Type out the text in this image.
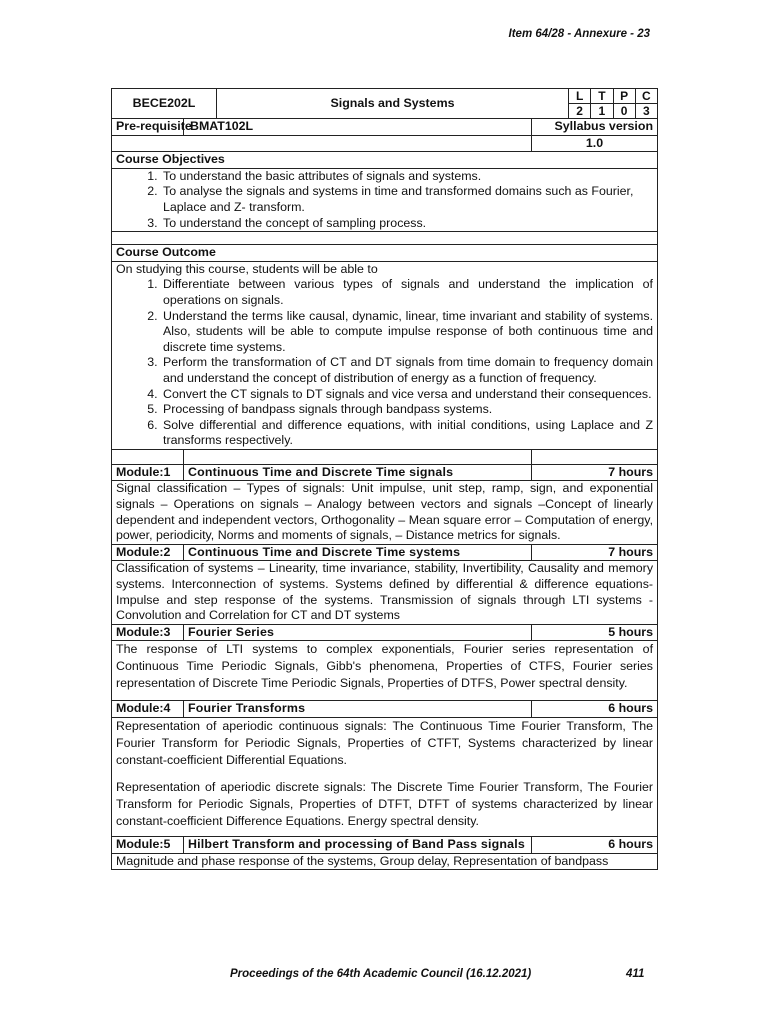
Item 64/28 - Annexure - 23
BECE202L		Signals and Systems		L	T	P	C
2	1	0	3

Pre-requisite	BMAT102L	Syllabus version
	1.0
Course Objectives

1. To understand the basic attributes of signals and systems.
2. To analyse the signals and systems in time and transformed domains such as Fourier, Laplace and Z- transform.
3. To understand the concept of sampling process.

Course Outcome

On studying this course, students will be able to
1. Differentiate between various types of signals and understand the implication of operations on signals.
2. Understand the terms like causal, dynamic, linear, time invariant and stability of systems. Also, students will be able to compute impulse response of both continuous time and discrete time systems.
3. Perform the transformation of CT and DT signals from time domain to frequency domain and understand the concept of distribution of energy as a function of frequency.
4. Convert the CT signals to DT signals and vice versa and understand their consequences.
5. Processing of bandpass signals through bandpass systems.
6. Solve differential and difference equations, with initial conditions, using Laplace and Z transforms respectively.

Module:1	Continuous Time and Discrete Time signals	7 hours
Signal classification – Types of signals: Unit impulse, unit step, ramp, sign, and exponential signals – Operations on signals – Analogy between vectors and signals –Concept of linearly dependent and independent vectors, Orthogonality – Mean square error – Computation of energy, power, periodicity, Norms and moments of signals, – Distance metrics for signals.
Module:2	Continuous Time and Discrete Time systems	7 hours
Classification of systems – Linearity, time invariance, stability, Invertibility, Causality and memory systems. Interconnection of systems. Systems defined by differential & difference equations- Impulse and step response of the systems. Transmission of signals through LTI systems - Convolution and Correlation for CT and DT systems
Module:3	Fourier Series	5 hours
The response of LTI systems to complex exponentials, Fourier series representation of Continuous Time Periodic Signals, Gibb's phenomena, Properties of CTFS, Fourier series representation of Discrete Time Periodic Signals, Properties of DTFS, Power spectral density.
Module:4	Fourier Transforms	6 hours

Representation of aperiodic continuous signals: The Continuous Time Fourier Transform, The Fourier Transform for Periodic Signals, Properties of CTFT, Systems characterized by linear constant-coefficient Differential Equations.
Representation of aperiodic discrete signals: The Discrete Time Fourier Transform, The Fourier Transform for Periodic Signals, Properties of DTFT, DTFT of systems characterized by linear constant-coefficient Difference Equations. Energy spectral density.

Module:5	Hilbert Transform and processing of Band Pass signals	6 hours
Magnitude and phase response of the systems, Group delay, Representation of bandpass
Proceedings of the 64th Academic Council (16.12.2021)	411
